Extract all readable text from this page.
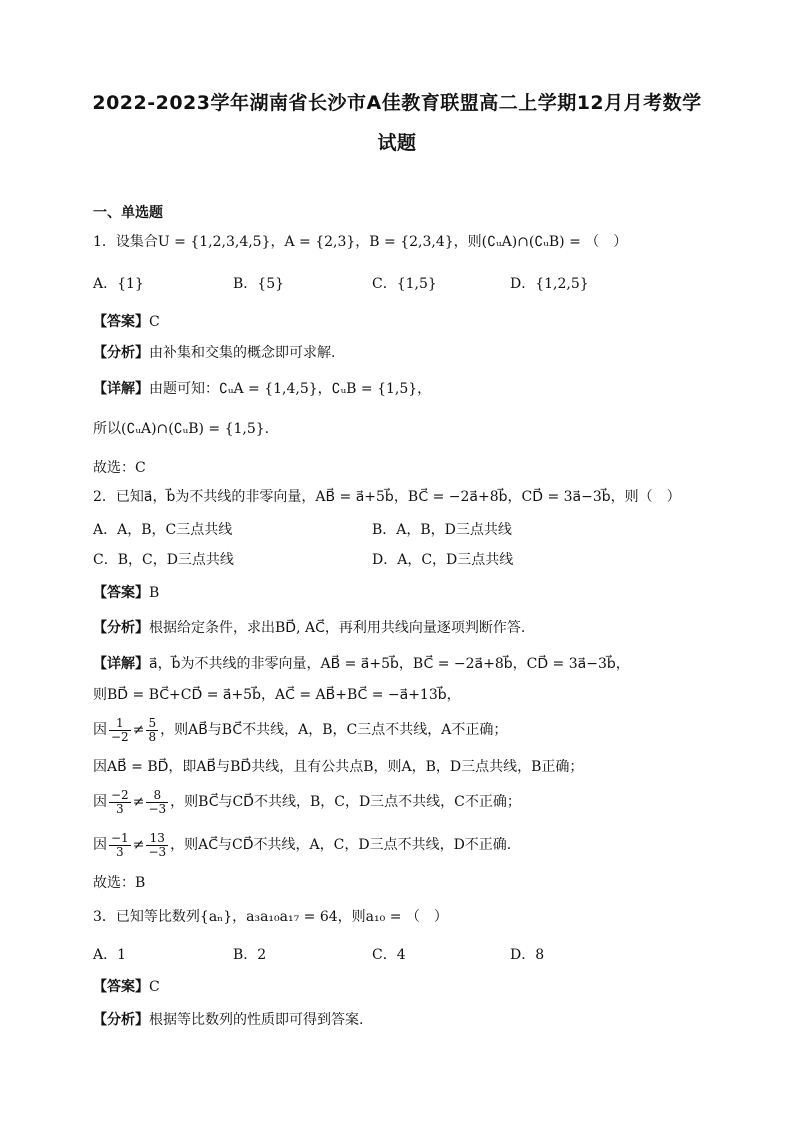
2022-2023学年湖南省长沙市A佳教育联盟高二上学期12月月考数学
试题
一、单选题
1．设集合U = {1,2,3,4,5}，A = {2,3}，B = {2,3,4}，则(∁ᵤA)∩(∁ᵤB) = （　）
A．{1}	B．{5}	C．{1,5}	D．{1,2,5}
【答案】C
【分析】由补集和交集的概念即可求解.
【详解】由题可知：∁ᵤA = {1,4,5}，∁ᵤB = {1,5}，
所以(∁ᵤA)∩(∁ᵤB) = {1,5}.
故选：C
2．已知a⃗，b⃗为不共线的非零向量，AB⃗ = a⃗+5b⃗，BC⃗ = −2a⃗+8b⃗，CD⃗ = 3a⃗−3b⃗，则（　）
A．A，B，C三点共线	B．A，B，D三点共线
C．B，C，D三点共线	D．A，C，D三点共线
【答案】B
【分析】根据给定条件，求出BD⃗, AC⃗，再利用共线向量逐项判断作答.
【详解】a⃗，b⃗为不共线的非零向量，AB⃗ = a⃗+5b⃗，BC⃗ = −2a⃗+8b⃗，CD⃗ = 3a⃗−3b⃗，
则BD⃗ = BC⃗+CD⃗ = a⃗+5b⃗，AC⃗ = AB⃗+BC⃗ = −a⃗+13b⃗，
因 $\frac{1}{-2} \ne \frac{5}{8}$ ，则AB⃗与BC⃗不共线，A，B，C三点不共线，A不正确；
因AB⃗ = BD⃗，即AB⃗与BD⃗共线，且有公共点B，则A，B，D三点共线，B正确；
因 $\frac{-2}{3} \ne \frac{8}{-3}$ ，则BC⃗与CD⃗不共线，B，C，D三点不共线，C不正确；
因 $\frac{-1}{3} \ne \frac{13}{-3}$ ，则AC⃗与CD⃗不共线，A，C，D三点不共线，D不正确.
故选：B
3．已知等比数列{aₙ}，a₃a₁₀a₁₇ = 64，则a₁₀ = （　）
A．1	B．2	C．4	D．8
【答案】C
【分析】根据等比数列的性质即可得到答案.
